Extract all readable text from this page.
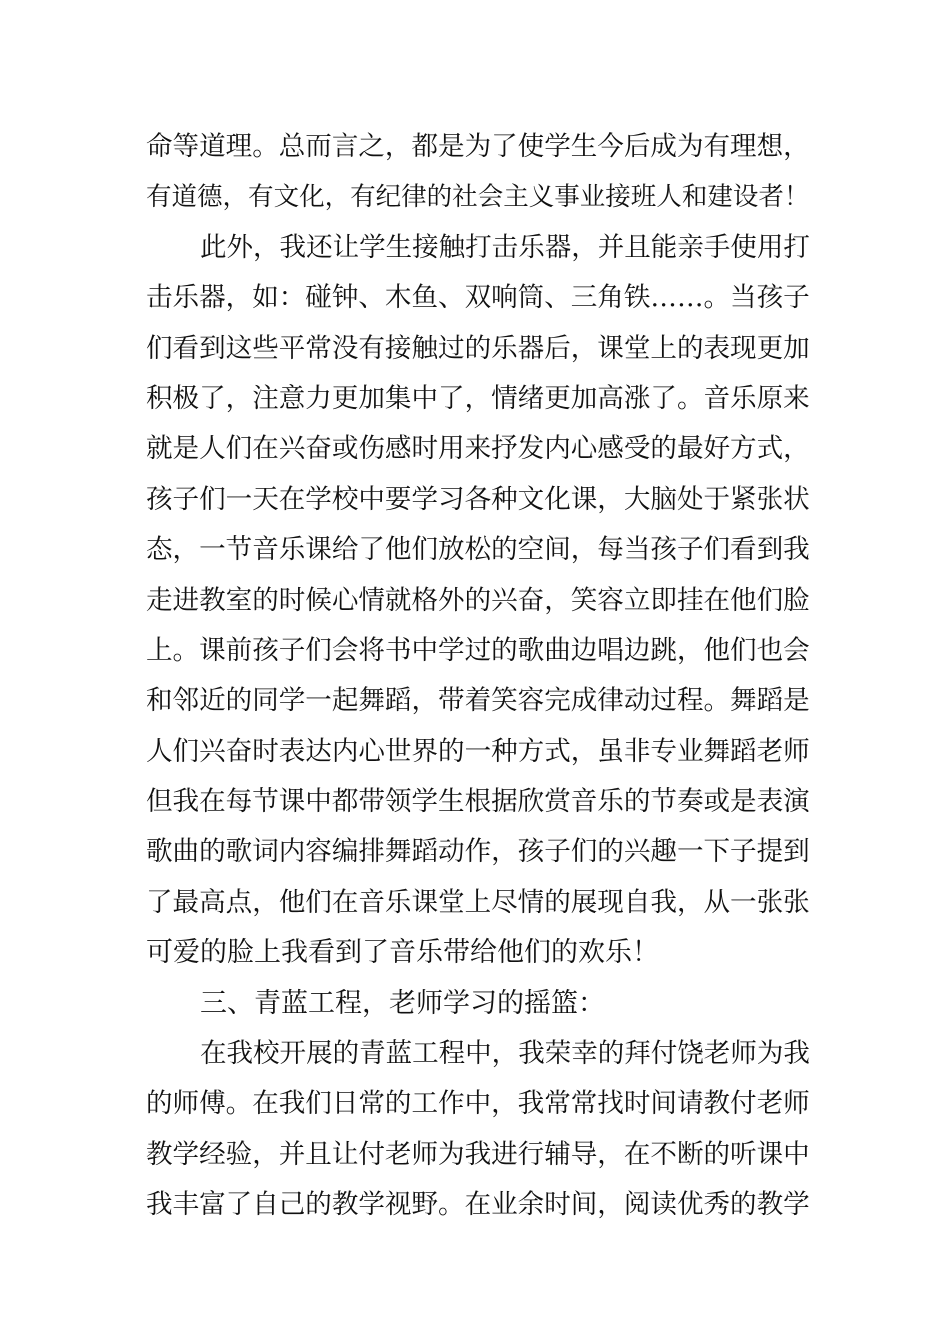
命等道理。总而言之，都是为了使学生今后成为有理想，
有道德，有文化，有纪律的社会主义事业接班人和建设者！
此外，我还让学生接触打击乐器，并且能亲手使用打
击乐器，如：碰钟、木鱼、双响筒、三角铁……。当孩子
们看到这些平常没有接触过的乐器后，课堂上的表现更加
积极了，注意力更加集中了，情绪更加高涨了。音乐原来
就是人们在兴奋或伤感时用来抒发内心感受的最好方式，
孩子们一天在学校中要学习各种文化课，大脑处于紧张状
态，一节音乐课给了他们放松的空间，每当孩子们看到我
走进教室的时候心情就格外的兴奋，笑容立即挂在他们脸
上。课前孩子们会将书中学过的歌曲边唱边跳，他们也会
和邻近的同学一起舞蹈，带着笑容完成律动过程。舞蹈是
人们兴奋时表达内心世界的一种方式，虽非专业舞蹈老师
但我在每节课中都带领学生根据欣赏音乐的节奏或是表演
歌曲的歌词内容编排舞蹈动作，孩子们的兴趣一下子提到
了最高点，他们在音乐课堂上尽情的展现自我，从一张张
可爱的脸上我看到了音乐带给他们的欢乐！
三、青蓝工程，老师学习的摇篮：
在我校开展的青蓝工程中，我荣幸的拜付饶老师为我
的师傅。在我们日常的工作中，我常常找时间请教付老师
教学经验，并且让付老师为我进行辅导，在不断的听课中
我丰富了自己的教学视野。在业余时间，阅读优秀的教学
